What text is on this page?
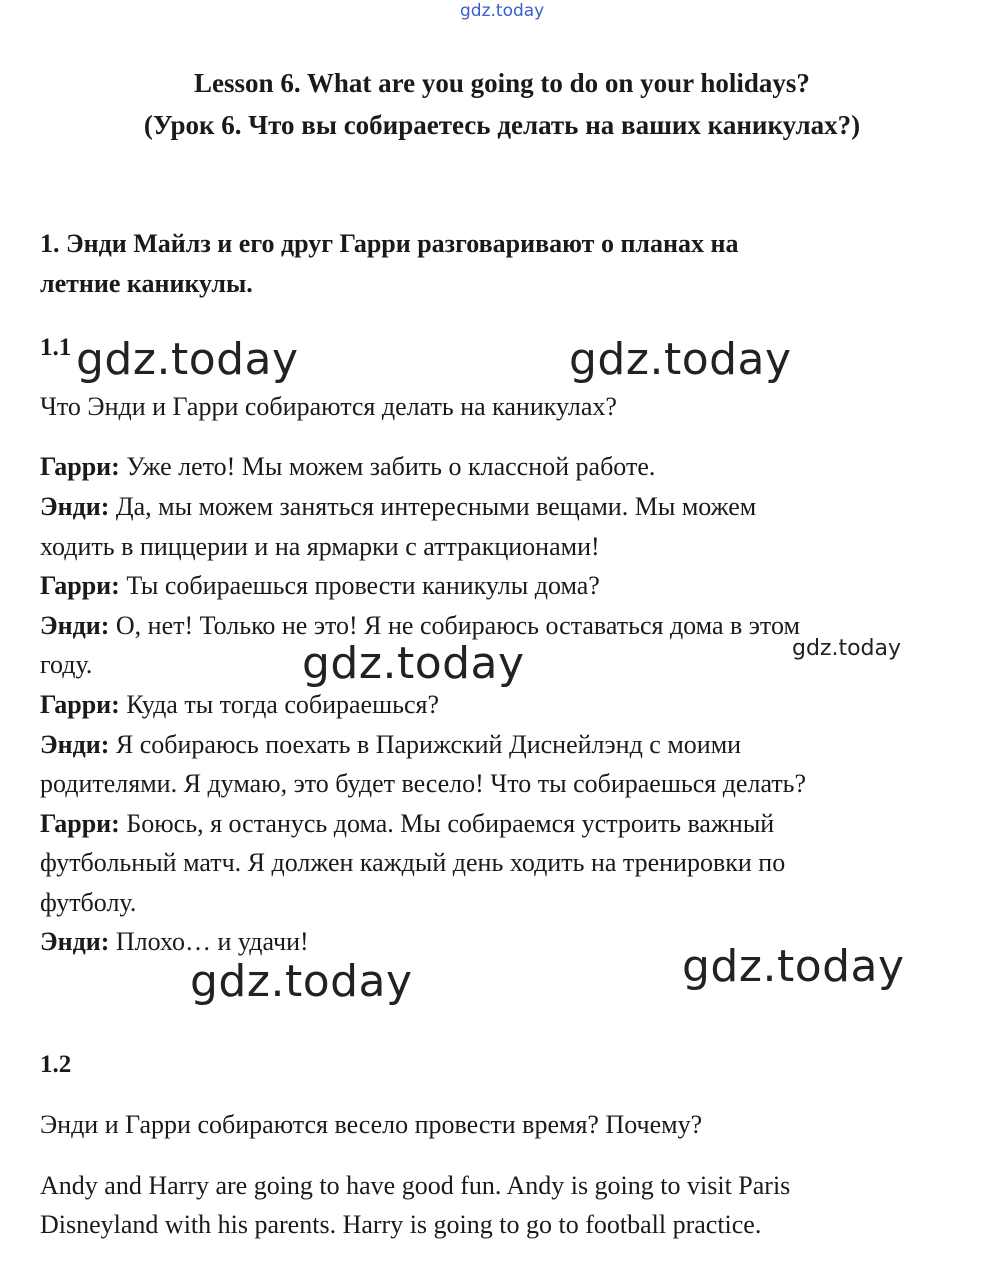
gdz.today
gdz.today	gdz.today
gdz.today	gdz.today
gdz.today	gdz.today
Lesson 6. What are you going to do on your holidays?
(Урок 6. Что вы собираетесь делать на ваших каникулах?)
1. Энди Майлз и его друг Гарри разговаривают о планах на
летние каникулы.
1.1
Что Энди и Гарри собираются делать на каникулах?
Гарри: Уже лето! Мы можем забить о классной работе.
Энди: Да, мы можем заняться интересными вещами. Мы можем
ходить в пиццерии и на ярмарки с аттракционами!
Гарри: Ты собираешься провести каникулы дома?
Энди: О, нет! Только не это! Я не собираюсь оставаться дома в этом
году.
Гарри: Куда ты тогда собираешься?
Энди: Я собираюсь поехать в Парижский Диснейлэнд с моими
родителями. Я думаю, это будет весело! Что ты собираешься делать?
Гарри: Боюсь, я останусь дома. Мы собираемся устроить важный
футбольный матч. Я должен каждый день ходить на тренировки по
футболу.
Энди: Плохо… и удачи!
1.2
Энди и Гарри собираются весело провести время? Почему?
Andy and Harry are going to have good fun. Andy is going to visit Paris
Disneyland with his parents. Harry is going to go to football practice.
